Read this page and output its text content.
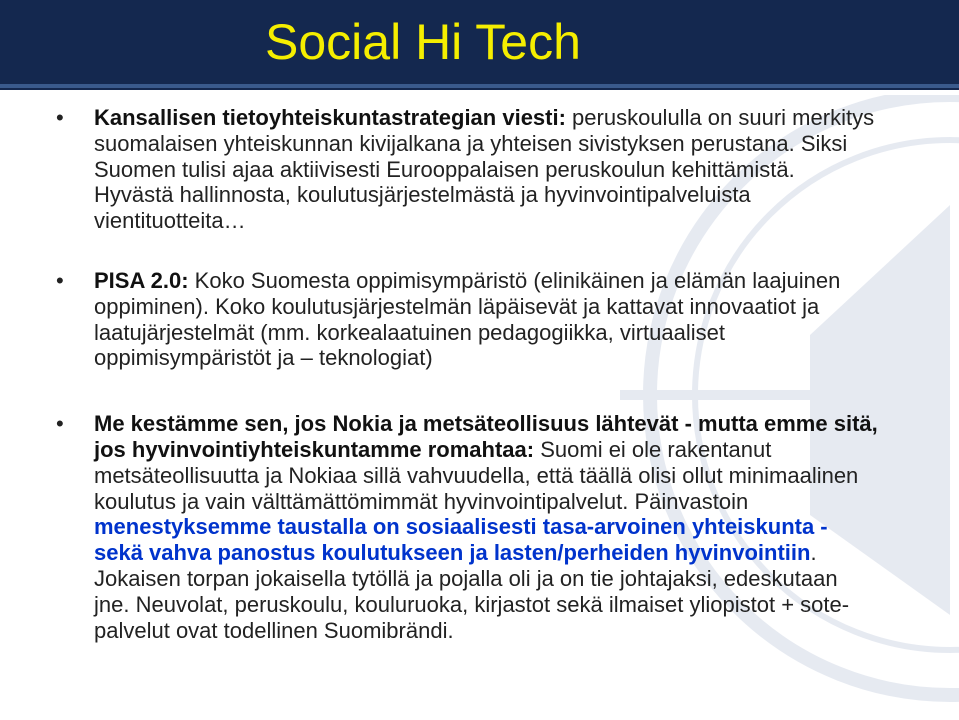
Social Hi Tech
• Kansallisen tietoyhteiskuntastrategian viesti: peruskoululla on suuri merkitys suomalaisen yhteiskunnan kivijalkana ja yhteisen sivistyksen perustana. Siksi Suomen tulisi ajaa aktiivisesti Eurooppalaisen peruskoulun kehittämistä. Hyvästä hallinnosta, koulutusjärjestelmästä ja hyvinvointipalveluista vientituotteita…
• PISA 2.0: Koko Suomesta oppimisympäristö (elinikäinen ja elämän laajuinen oppiminen). Koko koulutusjärjestelmän läpäisevät ja kattavat innovaatiot ja laatujärjestelmät (mm. korkealaatuinen pedagogiikka, virtuaaliset oppimisympäristöt ja – teknologiat)
• Me kestämme sen, jos Nokia ja metsäteollisuus lähtevät - mutta emme sitä, jos hyvinvointiyhteiskuntamme romahtaa: Suomi ei ole rakentanut metsäteollisuutta ja Nokiaa sillä vahvuudella, että täällä olisi ollut minimaalinen koulutus ja vain välttämättömimmät hyvinvointipalvelut. Päinvastoin menestyksemme taustalla on sosiaalisesti tasa-arvoinen yhteiskunta - sekä vahva panostus koulutukseen ja lasten/perheiden hyvinvointiin. Jokaisen torpan jokaisella tytöllä ja pojalla oli ja on tie johtajaksi, edeskutaan jne. Neuvolat, peruskoulu, kouluruoka, kirjastot sekä ilmaiset yliopistot + sote-palvelut ovat todellinen Suomibrändi.
